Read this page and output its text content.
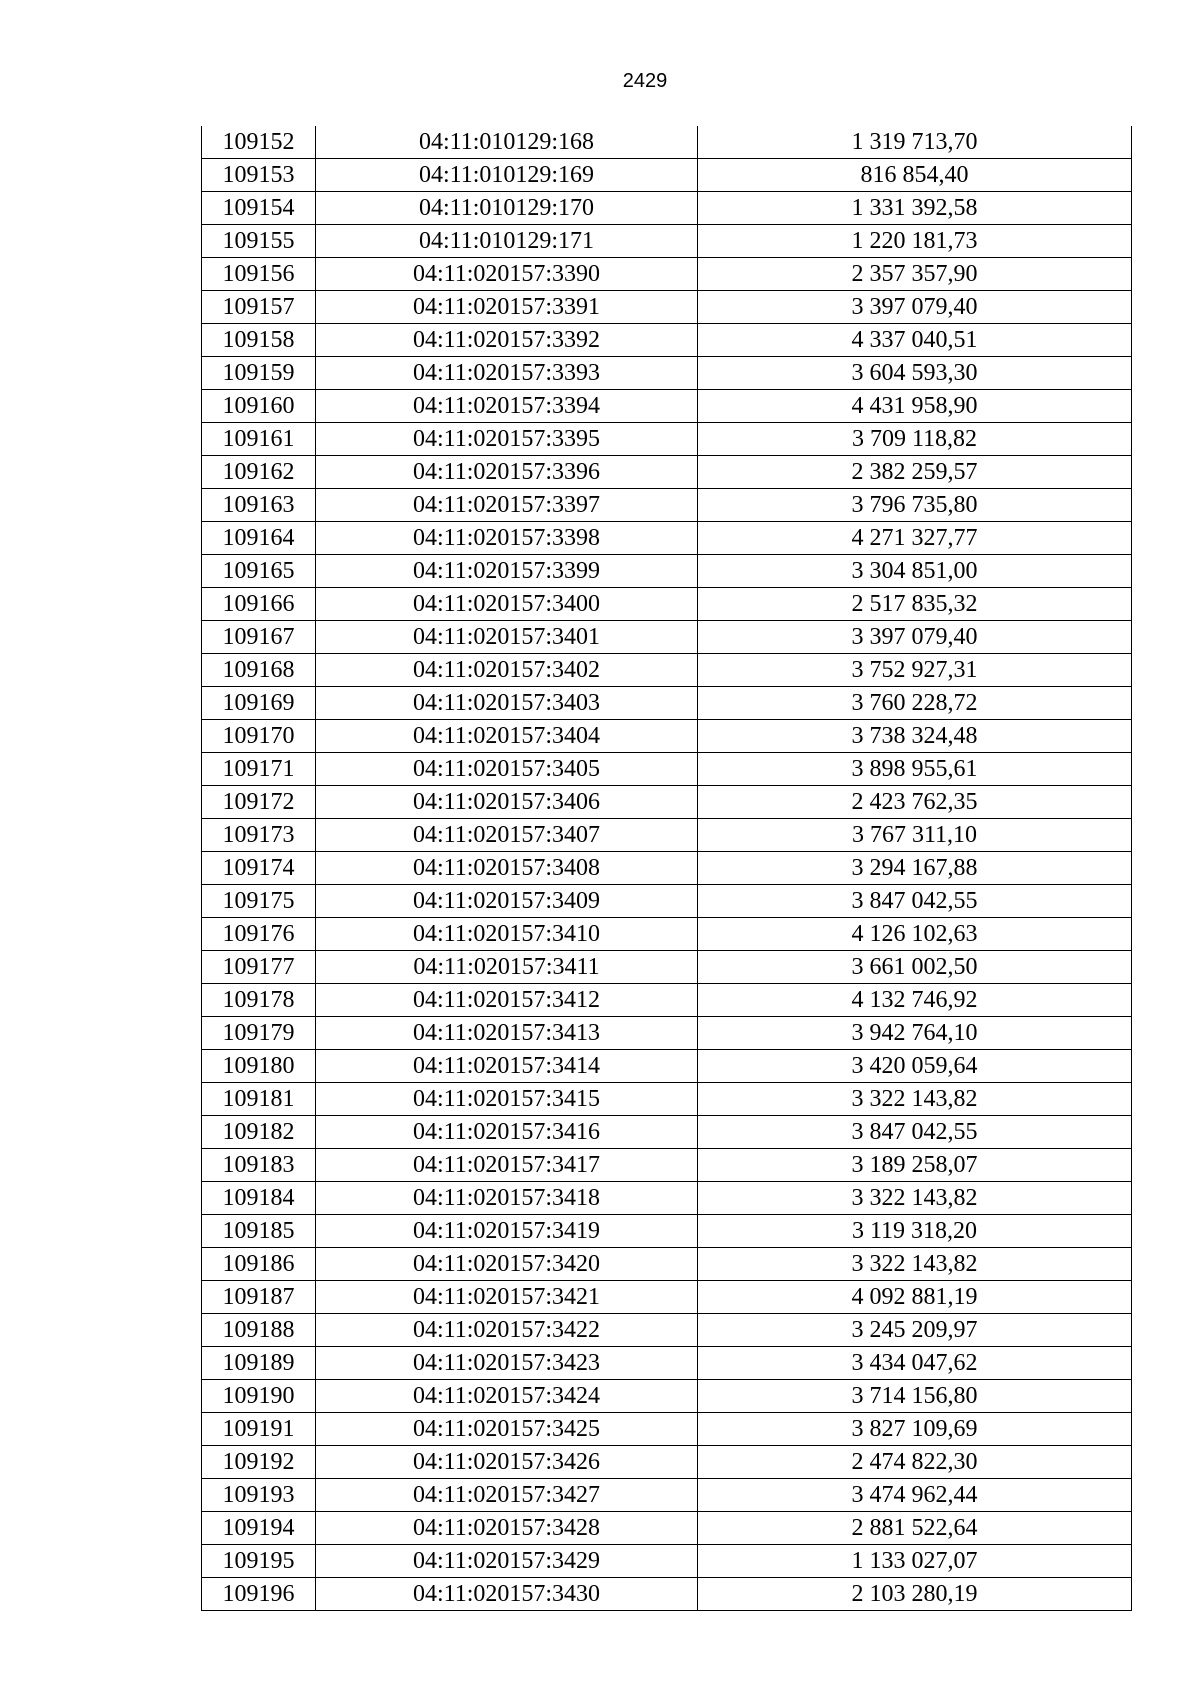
2429
109152	04:11:010129:168	1 319 713,70
109153	04:11:010129:169	816 854,40
109154	04:11:010129:170	1 331 392,58
109155	04:11:010129:171	1 220 181,73
109156	04:11:020157:3390	2 357 357,90
109157	04:11:020157:3391	3 397 079,40
109158	04:11:020157:3392	4 337 040,51
109159	04:11:020157:3393	3 604 593,30
109160	04:11:020157:3394	4 431 958,90
109161	04:11:020157:3395	3 709 118,82
109162	04:11:020157:3396	2 382 259,57
109163	04:11:020157:3397	3 796 735,80
109164	04:11:020157:3398	4 271 327,77
109165	04:11:020157:3399	3 304 851,00
109166	04:11:020157:3400	2 517 835,32
109167	04:11:020157:3401	3 397 079,40
109168	04:11:020157:3402	3 752 927,31
109169	04:11:020157:3403	3 760 228,72
109170	04:11:020157:3404	3 738 324,48
109171	04:11:020157:3405	3 898 955,61
109172	04:11:020157:3406	2 423 762,35
109173	04:11:020157:3407	3 767 311,10
109174	04:11:020157:3408	3 294 167,88
109175	04:11:020157:3409	3 847 042,55
109176	04:11:020157:3410	4 126 102,63
109177	04:11:020157:3411	3 661 002,50
109178	04:11:020157:3412	4 132 746,92
109179	04:11:020157:3413	3 942 764,10
109180	04:11:020157:3414	3 420 059,64
109181	04:11:020157:3415	3 322 143,82
109182	04:11:020157:3416	3 847 042,55
109183	04:11:020157:3417	3 189 258,07
109184	04:11:020157:3418	3 322 143,82
109185	04:11:020157:3419	3 119 318,20
109186	04:11:020157:3420	3 322 143,82
109187	04:11:020157:3421	4 092 881,19
109188	04:11:020157:3422	3 245 209,97
109189	04:11:020157:3423	3 434 047,62
109190	04:11:020157:3424	3 714 156,80
109191	04:11:020157:3425	3 827 109,69
109192	04:11:020157:3426	2 474 822,30
109193	04:11:020157:3427	3 474 962,44
109194	04:11:020157:3428	2 881 522,64
109195	04:11:020157:3429	1 133 027,07
109196	04:11:020157:3430	2 103 280,19
